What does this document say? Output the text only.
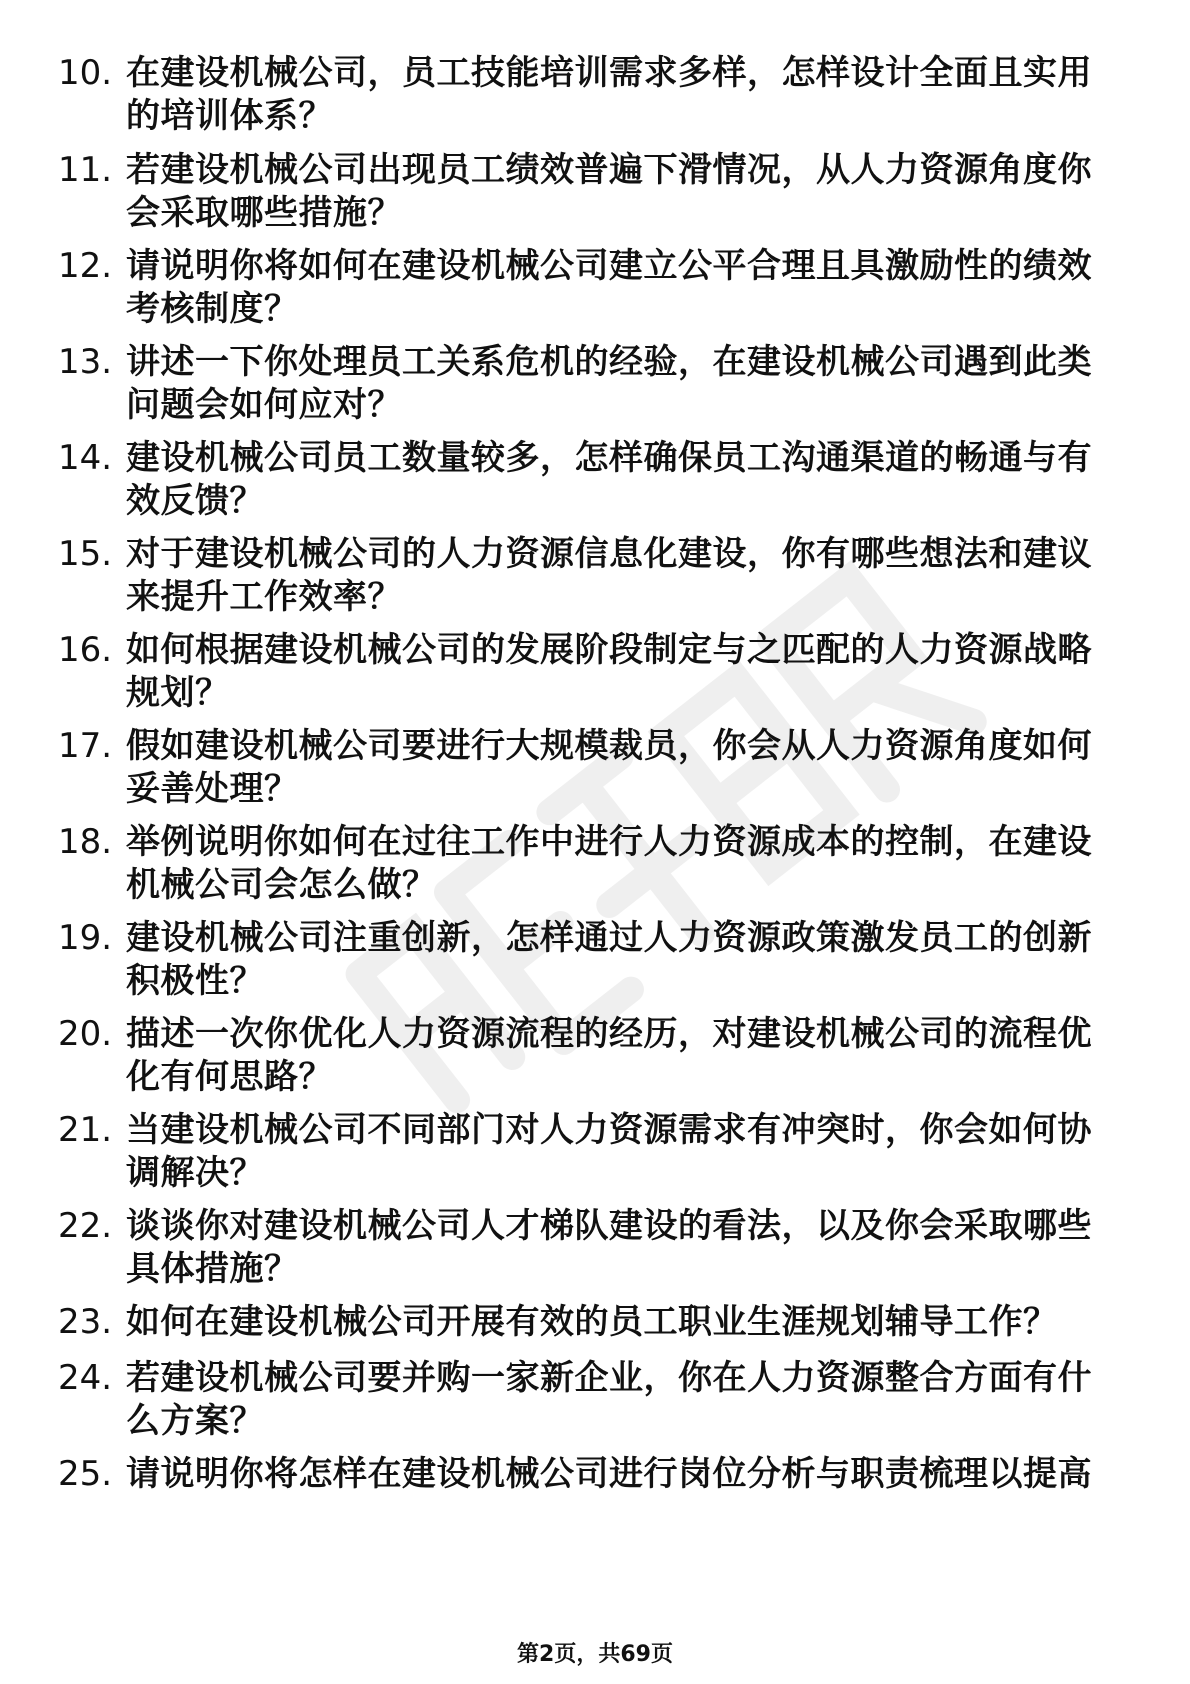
10. 在建设机械公司，员工技能培训需求多样，怎样设计全面且实用的培训体系？
11. 若建设机械公司出现员工绩效普遍下滑情况，从人力资源角度你会采取哪些措施？
12. 请说明你将如何在建设机械公司建立公平合理且具激励性的绩效考核制度？
13. 讲述一下你处理员工关系危机的经验，在建设机械公司遇到此类问题会如何应对？
14. 建设机械公司员工数量较多，怎样确保员工沟通渠道的畅通与有效反馈？
15. 对于建设机械公司的人力资源信息化建设，你有哪些想法和建议来提升工作效率？
16. 如何根据建设机械公司的发展阶段制定与之匹配的人力资源战略规划？
17. 假如建设机械公司要进行大规模裁员，你会从人力资源角度如何妥善处理？
18. 举例说明你如何在过往工作中进行人力资源成本的控制，在建设机械公司会怎么做？
19. 建设机械公司注重创新，怎样通过人力资源政策激发员工的创新积极性？
20. 描述一次你优化人力资源流程的经历，对建设机械公司的流程优化有何思路？
21. 当建设机械公司不同部门对人力资源需求有冲突时，你会如何协调解决？
22. 谈谈你对建设机械公司人才梯队建设的看法，以及你会采取哪些具体措施？
23. 如何在建设机械公司开展有效的员工职业生涯规划辅导工作？
24. 若建设机械公司要并购一家新企业，你在人力资源整合方面有什么方案？
25. 请说明你将怎样在建设机械公司进行岗位分析与职责梳理以提高
第2页，共69页
